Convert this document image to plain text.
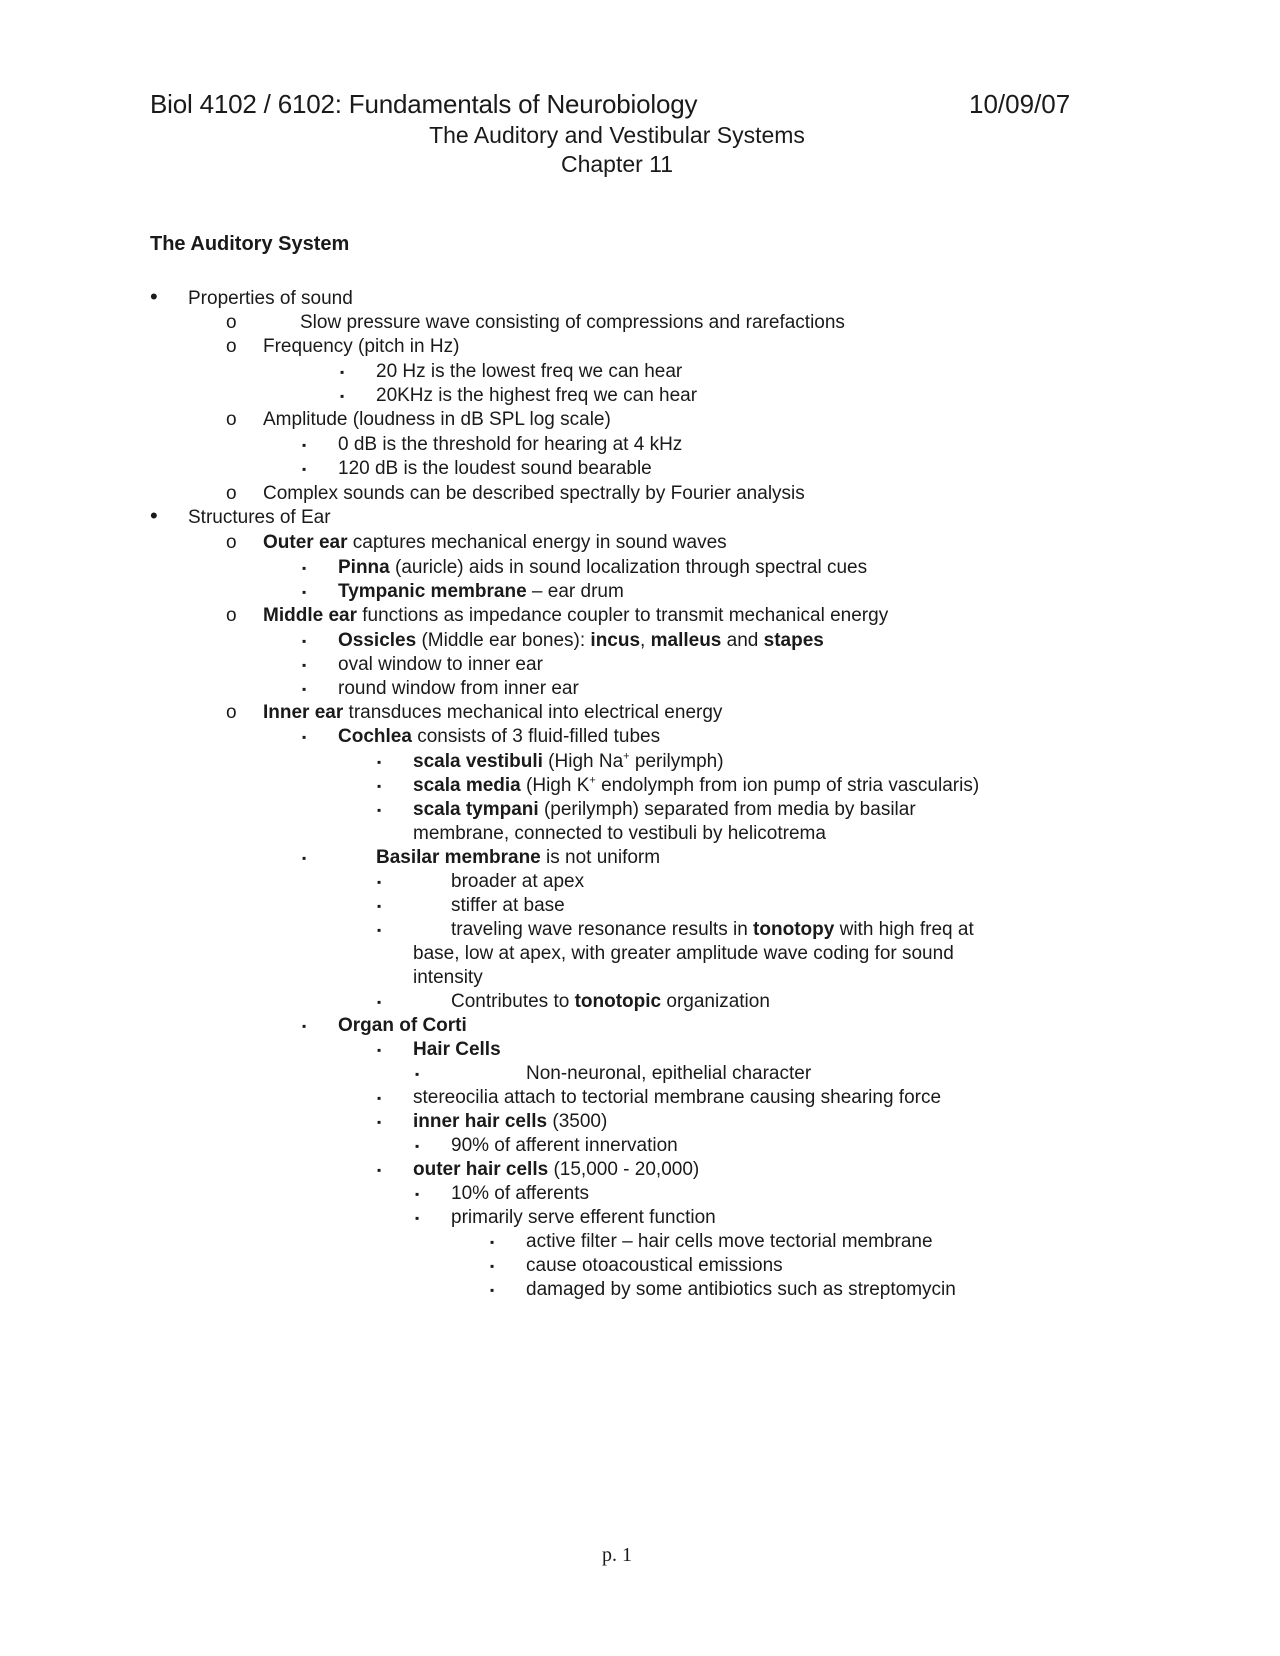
Biol 4102 / 6102: Fundamentals of Neurobiology	10/09/07
The Auditory and Vestibular Systems
Chapter 11
The Auditory System
• Properties of sound
o	Slow pressure wave consisting of compressions and rarefactions
o Frequency (pitch in Hz)
▪ 20 Hz is the lowest freq we can hear
▪ 20KHz is the highest freq we can hear
o Amplitude (loudness in dB SPL log scale)
▪ 0 dB is the threshold for hearing at 4 kHz
▪ 120 dB is the loudest sound bearable
o Complex sounds can be described spectrally by Fourier analysis
• Structures of Ear
o Outer ear captures mechanical energy in sound waves
▪ Pinna (auricle) aids in sound localization through spectral cues
▪ Tympanic membrane – ear drum
o Middle ear functions as impedance coupler to transmit mechanical energy
▪ Ossicles (Middle ear bones): incus, malleus and stapes
▪ oval window to inner ear
▪ round window from inner ear
o Inner ear transduces mechanical into electrical energy
▪ Cochlea consists of 3 fluid-filled tubes
▪ scala vestibuli (High Na+ perilymph)
▪ scala media (High K+ endolymph from ion pump of stria vascularis)
▪ scala tympani (perilymph) separated from media by basilar
membrane, connected to vestibuli by helicotrema
▪	Basilar membrane is not uniform
▪	broader at apex
▪	stiffer at base
▪	traveling wave resonance results in tonotopy with high freq at
base, low at apex, with greater amplitude wave coding for sound
intensity
▪	Contributes to tonotopic organization
▪ Organ of Corti
▪ Hair Cells
▪	Non-neuronal, epithelial character
▪ stereocilia attach to tectorial membrane causing shearing force
▪ inner hair cells (3500)
▪ 90% of afferent innervation
▪ outer hair cells (15,000 - 20,000)
▪ 10% of afferents
▪ primarily serve efferent function
▪ active filter – hair cells move tectorial membrane
▪ cause otoacoustical emissions
▪ damaged by some antibiotics such as streptomycin
p. 1
